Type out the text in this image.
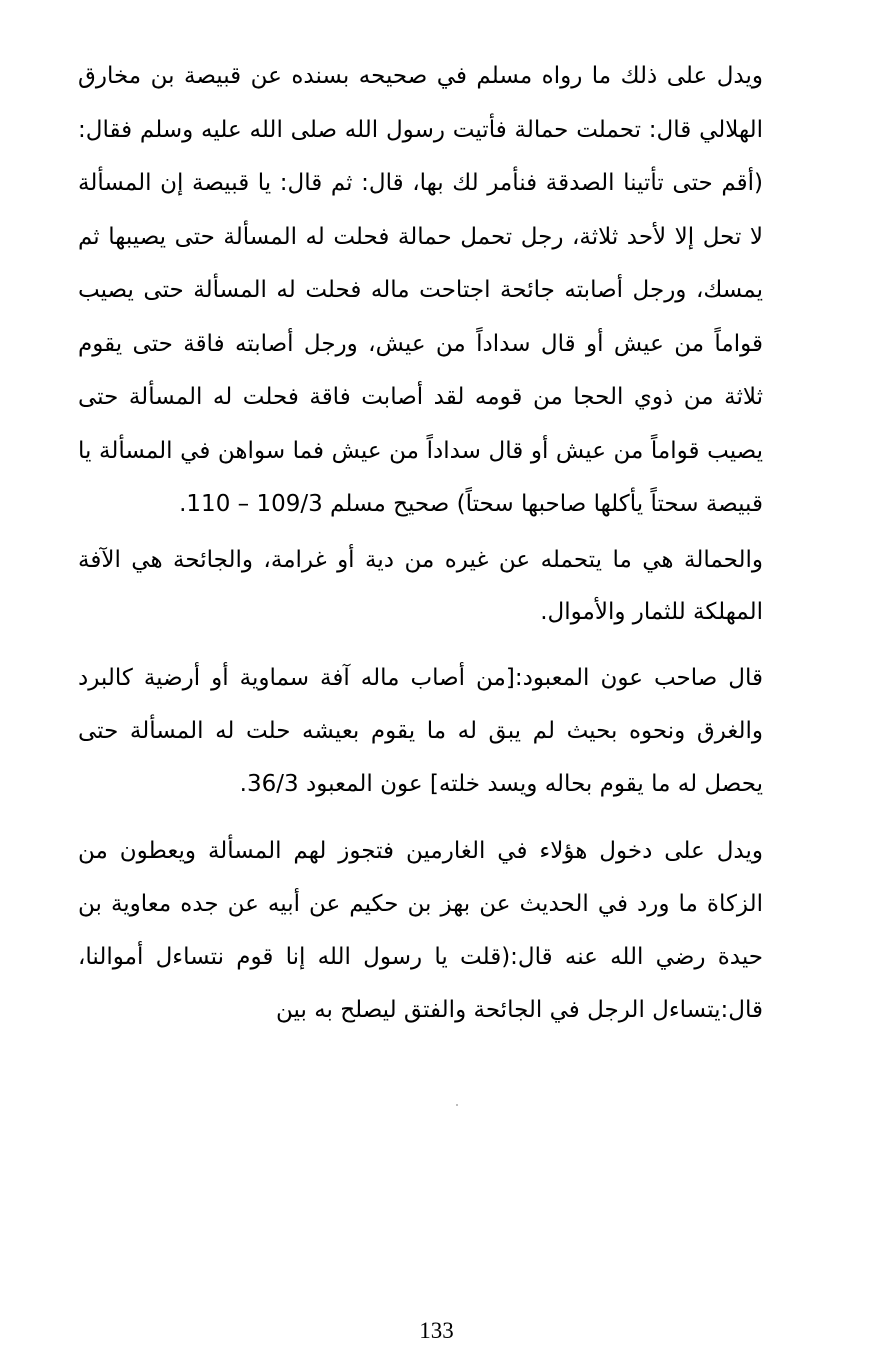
ويدل على ذلك ما رواه مسلم في صحيحه بسنده عن قبيصة بن مخارق الهلالي قال: تحملت حمالة فأتيت رسول الله صلى الله عليه وسلم فقال:(أقم حتى تأتينا الصدقة فنأمر لك بها، قال: ثم قال: يا قبيصة إن المسألة لا تحل إلا لأحد ثلاثة، رجل تحمل حمالة فحلت له المسألة حتى يصيبها ثم يمسك، ورجل أصابته جائحة اجتاحت ماله فحلت له المسألة حتى يصيب قواماً من عيش أو قال سداداً من عيش، ورجل أصابته فاقة حتى يقوم ثلاثة من ذوي الحجا من قومه لقد أصابت فاقة فحلت له المسألة حتى يصيب قواماً من عيش أو قال سداداً من عيش فما سواهن في المسألة يا قبيصة سحتاً يأكلها صاحبها سحتاً) صحيح مسلم 109/3 – 110.

والحمالة هي ما يتحمله عن غيره من دية أو غرامة، والجائحة هي الآفة المهلكة للثمار والأموال.

قال صاحب عون المعبود:[من أصاب ماله آفة سماوية أو أرضية كالبرد والغرق ونحوه بحيث لم يبق له ما يقوم بعيشه حلت له المسألة حتى يحصل له ما يقوم بحاله ويسد خلته] عون المعبود 36/3.

ويدل على دخول هؤلاء في الغارمين فتجوز لهم المسألة ويعطون من الزكاة ما ورد في الحديث عن بهز بن حكيم عن أبيه عن جده معاوية بن حيدة رضي الله عنه قال:(قلت يا رسول الله إنا قوم نتساءل أموالنا، قال:يتساءل الرجل في الجائحة والفتق ليصلح به بين

133
